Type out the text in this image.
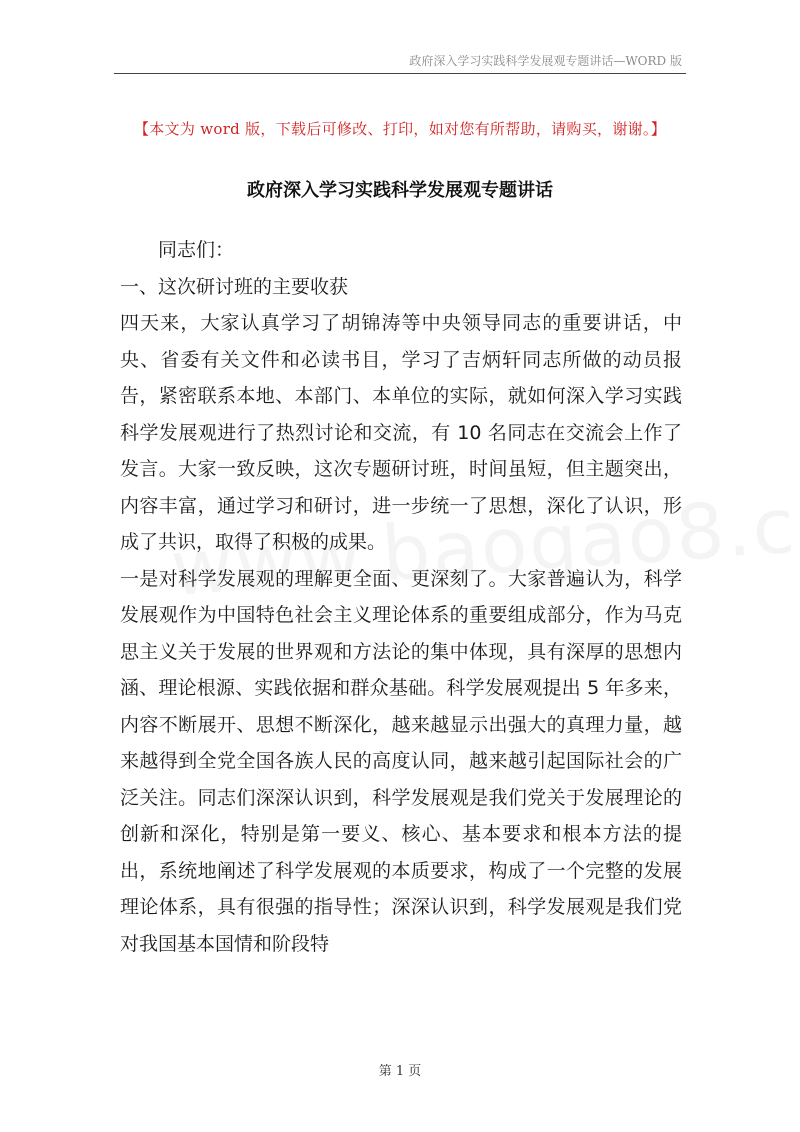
政府深入学习实践科学发展观专题讲话—WORD 版
【本文为 word 版，下载后可修改、打印，如对您有所帮助，请购买，谢谢。】
政府深入学习实践科学发展观专题讲话

同志们：

一、这次研讨班的主要收获

四天来，大家认真学习了胡锦涛等中央领导同志的重要讲话，中央、省委有关文件和必读书目，学习了吉炳轩同志所做的动员报告，紧密联系本地、本部门、本单位的实际，就如何深入学习实践科学发展观进行了热烈讨论和交流，有 10 名同志在交流会上作了发言。大家一致反映，这次专题研讨班，时间虽短，但主题突出，内容丰富，通过学习和研讨，进一步统一了思想，深化了认识，形成了共识，取得了积极的成果。

一是对科学发展观的理解更全面、更深刻了。大家普遍认为，科学发展观作为中国特色社会主义理论体系的重要组成部分，作为马克思主义关于发展的世界观和方法论的集中体现，具有深厚的思想内涵、理论根源、实践依据和群众基础。科学发展观提出 5 年多来，内容不断展开、思想不断深化，越来越显示出强大的真理力量，越来越得到全党全国各族人民的高度认同，越来越引起国际社会的广泛关注。同志们深深认识到，科学发展观是我们党关于发展理论的创新和深化，特别是第一要义、核心、基本要求和根本方法的提出，系统地阐述了科学发展观的本质要求，构成了一个完整的发展理论体系，具有很强的指导性；深深认识到，科学发展观是我们党对我国基本国情和阶段特

第 1 页
